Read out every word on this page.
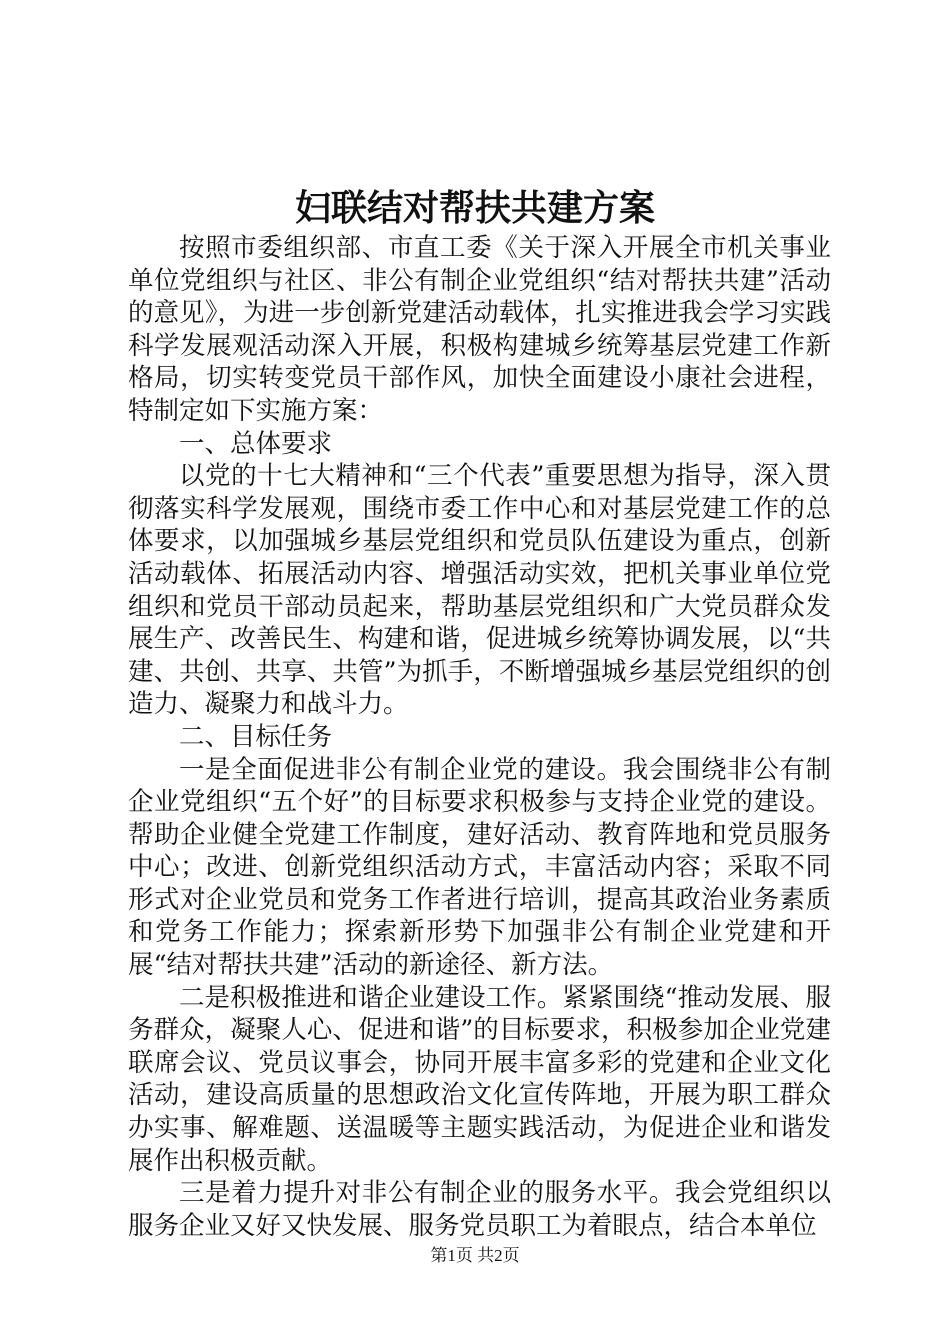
妇联结对帮扶共建方案

按照市委组织部、市直工委《关于深入开展全市机关事业单位党组织与社区、非公有制企业党组织“结对帮扶共建”活动的意见》，为进一步创新党建活动载体，扎实推进我会学习实践科学发展观活动深入开展，积极构建城乡统筹基层党建工作新格局，切实转变党员干部作风，加快全面建设小康社会进程，特制定如下实施方案：

一、总体要求

以党的十七大精神和“三个代表”重要思想为指导，深入贯彻落实科学发展观，围绕市委工作中心和对基层党建工作的总体要求，以加强城乡基层党组织和党员队伍建设为重点，创新活动载体、拓展活动内容、增强活动实效，把机关事业单位党组织和党员干部动员起来，帮助基层党组织和广大党员群众发展生产、改善民生、构建和谐，促进城乡统筹协调发展，以“共建、共创、共享、共管”为抓手，不断增强城乡基层党组织的创造力、凝聚力和战斗力。

二、目标任务

一是全面促进非公有制企业党的建设。我会围绕非公有制企业党组织“五个好”的目标要求积极参与支持企业党的建设。帮助企业健全党建工作制度，建好活动、教育阵地和党员服务中心；改进、创新党组织活动方式，丰富活动内容；采取不同形式对企业党员和党务工作者进行培训，提高其政治业务素质和党务工作能力；探索新形势下加强非公有制企业党建和开展“结对帮扶共建”活动的新途径、新方法。

二是积极推进和谐企业建设工作。紧紧围绕“推动发展、服务群众，凝聚人心、促进和谐”的目标要求，积极参加企业党建联席会议、党员议事会，协同开展丰富多彩的党建和企业文化活动，建设高质量的思想政治文化宣传阵地，开展为职工群众办实事、解难题、送温暖等主题实践活动，为促进企业和谐发展作出积极贡献。

三是着力提升对非公有制企业的服务水平。我会党组织以服务企业又好又快发展、服务党员职工为着眼点，结合本单位

第1页 共2页
